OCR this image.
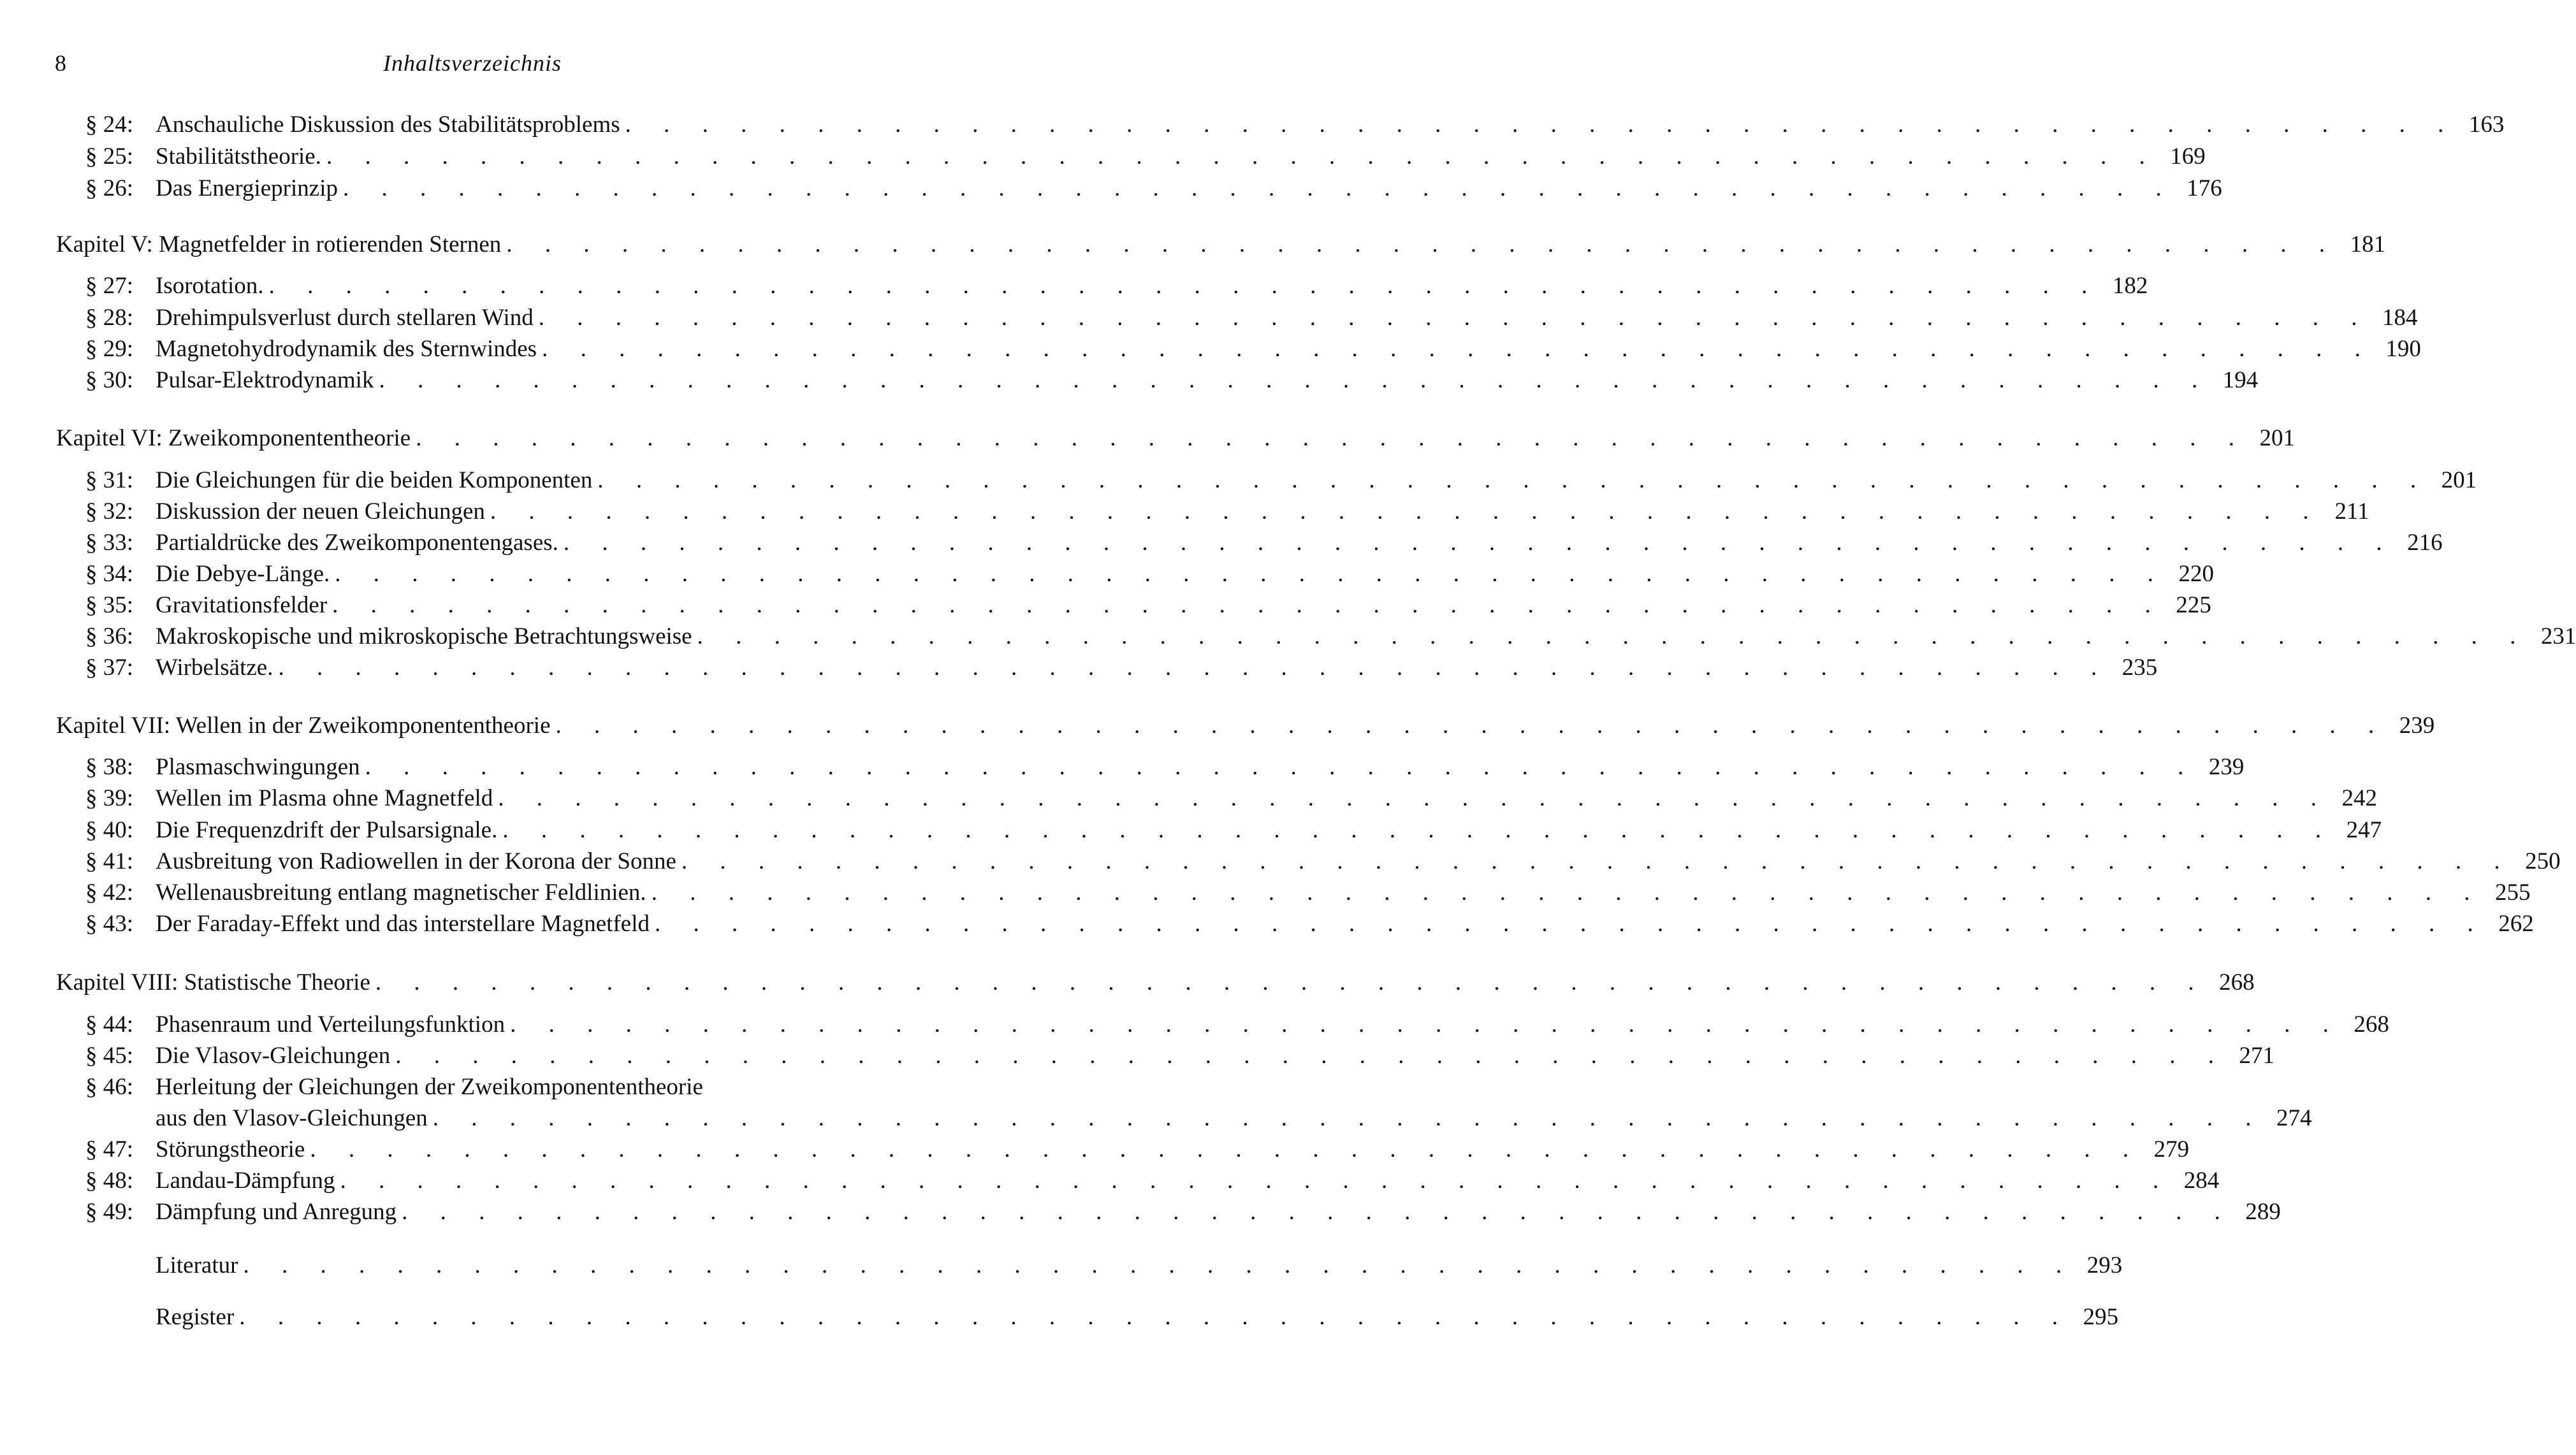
8	Inhaltsverzeichnis
§ 24: Anschauliche Diskussion des Stabilitätsproblems . . . . . . . . . . . . . . . . . . . . . . . . . . . . . . . . . . . . . . . . . . . . . . . . 163
§ 25: Stabilitätstheorie. . . . . . . . . . . . . . . . . . . . . . . . . . . . . . . . . . . . . . . . . . . . . . . . . 169
§ 26: Das Energieprinzip . . . . . . . . . . . . . . . . . . . . . . . . . . . . . . . . . . . . . . . . . . . . . . . . 176
Kapitel V: Magnetfelder in rotierenden Sternen . . . . . . . . . . . . . . . . . . . . . . . . . . . . . . . . . . . . . . . . . . . . . . . . 181
§ 27: Isorotation. . . . . . . . . . . . . . . . . . . . . . . . . . . . . . . . . . . . . . . . . . . . . . . . . 182
§ 28: Drehimpulsverlust durch stellaren Wind . . . . . . . . . . . . . . . . . . . . . . . . . . . . . . . . . . . . . . . . . . . . . . . . 184
§ 29: Magnetohydrodynamik des Sternwindes . . . . . . . . . . . . . . . . . . . . . . . . . . . . . . . . . . . . . . . . . . . . . . . . 190
§ 30: Pulsar-Elektrodynamik . . . . . . . . . . . . . . . . . . . . . . . . . . . . . . . . . . . . . . . . . . . . . . . . 194
Kapitel VI: Zweikomponententheorie . . . . . . . . . . . . . . . . . . . . . . . . . . . . . . . . . . . . . . . . . . . . . . . . 201
§ 31: Die Gleichungen für die beiden Komponenten . . . . . . . . . . . . . . . . . . . . . . . . . . . . . . . . . . . . . . . . . . . . . . . . 201
§ 32: Diskussion der neuen Gleichungen . . . . . . . . . . . . . . . . . . . . . . . . . . . . . . . . . . . . . . . . . . . . . . . . 211
§ 33: Partialdrücke des Zweikomponentengases. . . . . . . . . . . . . . . . . . . . . . . . . . . . . . . . . . . . . . . . . . . . . . . . . 216
§ 34: Die Debye-Länge. . . . . . . . . . . . . . . . . . . . . . . . . . . . . . . . . . . . . . . . . . . . . . . . . 220
§ 35: Gravitationsfelder . . . . . . . . . . . . . . . . . . . . . . . . . . . . . . . . . . . . . . . . . . . . . . . . 225
§ 36: Makroskopische und mikroskopische Betrachtungsweise . . . . . . . . . . . . . . . . . . . . . . . . . . . . . . . . . . . . . . . . . . . . . . . . 231
§ 37: Wirbelsätze. . . . . . . . . . . . . . . . . . . . . . . . . . . . . . . . . . . . . . . . . . . . . . . . . 235
Kapitel VII: Wellen in der Zweikomponententheorie . . . . . . . . . . . . . . . . . . . . . . . . . . . . . . . . . . . . . . . . . . . . . . . . 239
§ 38: Plasmaschwingungen . . . . . . . . . . . . . . . . . . . . . . . . . . . . . . . . . . . . . . . . . . . . . . . . 239
§ 39: Wellen im Plasma ohne Magnetfeld . . . . . . . . . . . . . . . . . . . . . . . . . . . . . . . . . . . . . . . . . . . . . . . . 242
§ 40: Die Frequenzdrift der Pulsarsignale. . . . . . . . . . . . . . . . . . . . . . . . . . . . . . . . . . . . . . . . . . . . . . . . . 247
§ 41: Ausbreitung von Radiowellen in der Korona der Sonne . . . . . . . . . . . . . . . . . . . . . . . . . . . . . . . . . . . . . . . . . . . . . . . . 250
§ 42: Wellenausbreitung entlang magnetischer Feldlinien. . . . . . . . . . . . . . . . . . . . . . . . . . . . . . . . . . . . . . . . . . . . . . . . . 255
§ 43: Der Faraday-Effekt und das interstellare Magnetfeld . . . . . . . . . . . . . . . . . . . . . . . . . . . . . . . . . . . . . . . . . . . . . . . . 262
Kapitel VIII: Statistische Theorie . . . . . . . . . . . . . . . . . . . . . . . . . . . . . . . . . . . . . . . . . . . . . . . . 268
§ 44: Phasenraum und Verteilungsfunktion . . . . . . . . . . . . . . . . . . . . . . . . . . . . . . . . . . . . . . . . . . . . . . . . 268
§ 45: Die Vlasov-Gleichungen . . . . . . . . . . . . . . . . . . . . . . . . . . . . . . . . . . . . . . . . . . . . . . . . 271
§ 46: Herleitung der Gleichungen der Zweikomponententheorie
aus den Vlasov-Gleichungen . . . . . . . . . . . . . . . . . . . . . . . . . . . . . . . . . . . . . . . . . . . . . . . . 274
§ 47: Störungstheorie . . . . . . . . . . . . . . . . . . . . . . . . . . . . . . . . . . . . . . . . . . . . . . . . 279
§ 48: Landau-Dämpfung . . . . . . . . . . . . . . . . . . . . . . . . . . . . . . . . . . . . . . . . . . . . . . . . 284
§ 49: Dämpfung und Anregung . . . . . . . . . . . . . . . . . . . . . . . . . . . . . . . . . . . . . . . . . . . . . . . . 289
Literatur . . . . . . . . . . . . . . . . . . . . . . . . . . . . . . . . . . . . . . . . . . . . . . . . 293
Register . . . . . . . . . . . . . . . . . . . . . . . . . . . . . . . . . . . . . . . . . . . . . . . . 295
